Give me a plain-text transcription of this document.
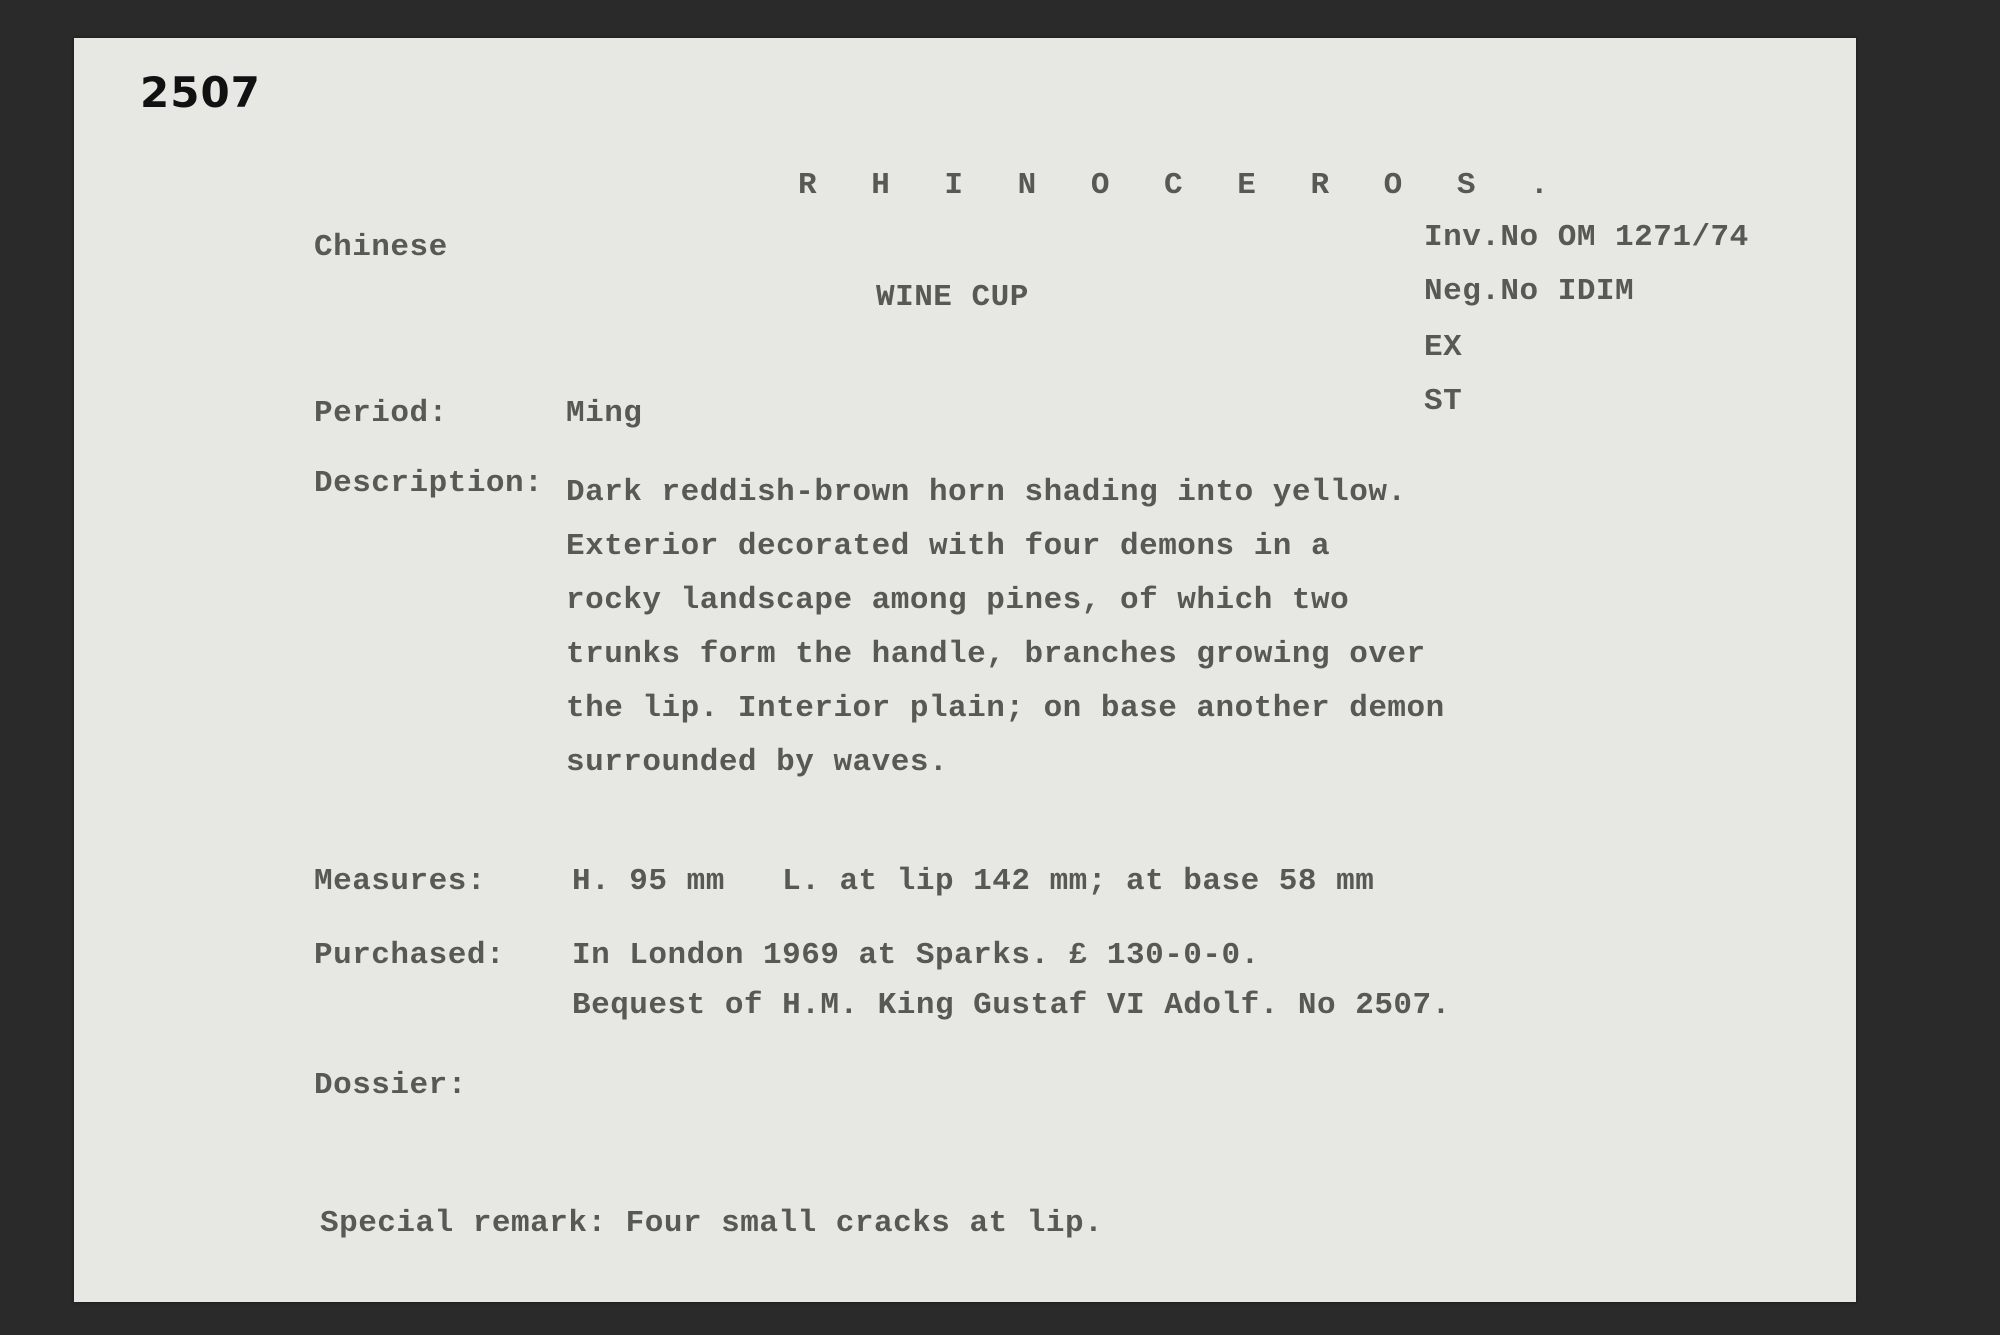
2507
R H I N O C E R O S .
Chinese
WINE CUP
Inv.No OM 1271/74
Neg.No IDIM
EX
ST
Period:	Ming
Description: Dark reddish-brown horn shading into yellow.
Exterior decorated with four demons in a
rocky landscape among pines, of which two
trunks form the handle, branches growing over
the lip. Interior plain; on base another demon
surrounded by waves.
Measures:	H. 95 mm   L. at lip 142 mm; at base 58 mm
Purchased: In London 1969 at Sparks. £ 130-0-0.
Bequest of H.M. King Gustaf VI Adolf. No 2507.
Dossier:
Special remark: Four small cracks at lip.
